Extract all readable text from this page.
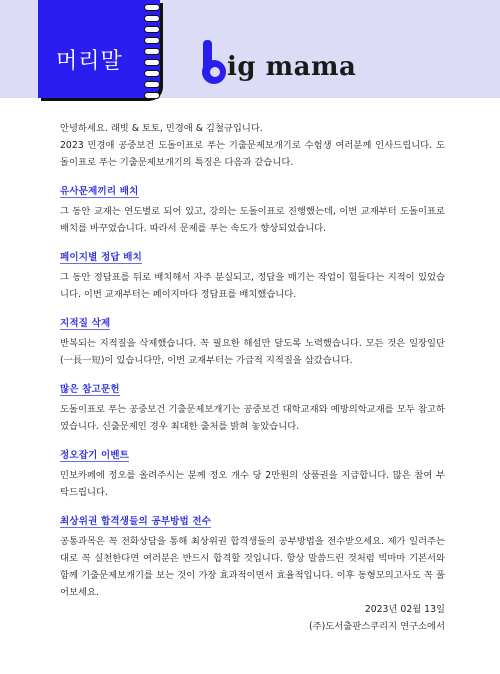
머리말	ig mama

안녕하세요. 래빗 & 토토, 민경애 & 김철규입니다.

2023 민경애 공중보건 도돌이표로 푸는 기출문제보개기로 수험생 여러분께 인사드립니다. 도돌이표로 푸는 기출문제보개기의 특징은 다음과 같습니다.

유사문제끼리 배치

그 동안 교재는 연도별로 되어 있고, 강의는 도돌이표로 진행했는데, 이번 교재부터 도돌이표로 배치를 바꾸었습니다. 따라서 문제를 푸는 속도가 향상되었습니다.

페이지별 정답 배치

그 동안 정답표를 뒤로 배치해서 자주 분실되고, 정답을 매기는 작업이 힘들다는 지적이 있었습니다. 이번 교재부터는 페이지마다 정답표를 배치했습니다.

지적질 삭제

반복되는 지적질을 삭제했습니다. 꼭 필요한 해설만 달도록 노력했습니다. 모든 것은 일장일단(一長一短)이 있습니다만, 이번 교재부터는 가급적 지적질을 삼갔습니다.

많은 참고문헌

도돌이표로 푸는 공중보건 기출문제보개기는 공중보건 대학교재와 예방의학교재를 모두 참고하였습니다. 신출문제인 경우 최대한 출처를 밝혀 놓았습니다.

정오잡기 이벤트

민보카페에 정오를 올려주시는 분께 정오 개수 당 2만원의 상품권을 지급합니다. 많은 참여 부탁드립니다.

최상위권 합격생들의 공부방법 전수

공통과목은 꼭 전화상담을 통해 최상위권 합격생들의 공부방법을 전수받으세요. 제가 일러주는 대로 꼭 실천한다면 여러분은 반드시 합격할 것입니다. 항상 말씀드린 것처럼 빅마마 기본서와 함께 기출문제보개기를 보는 것이 가장 효과적이면서 효율적입니다. 이후 동형모의고사도 꼭 풀어보세요.

2023년 02월 13일

(주)도서출판스쿠리지 연구소에서
